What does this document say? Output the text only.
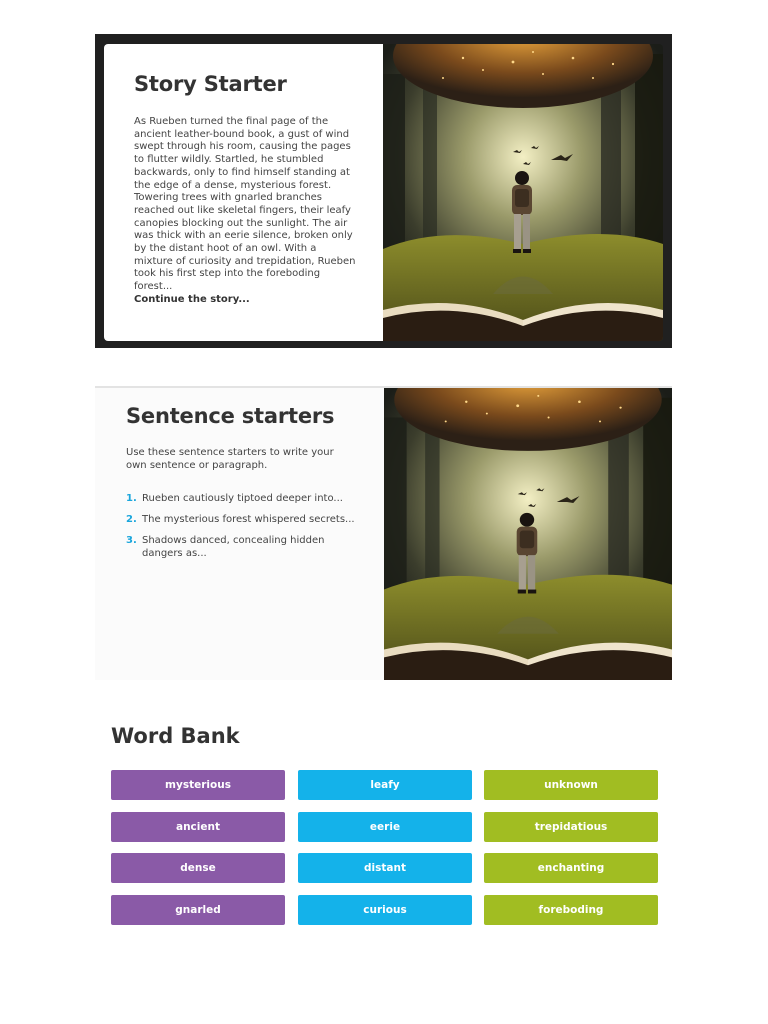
Story Starter

As Rueben turned the final page of the ancient leather-bound book, a gust of wind swept through his room, causing the pages to flutter wildly. Startled, he stumbled backwards, only to find himself standing at the edge of a dense, mysterious forest. Towering trees with gnarled branches reached out like skeletal fingers, their leafy canopies blocking out the sunlight. The air was thick with an eerie silence, broken only by the distant hoot of an owl. With a mixture of curiosity and trepidation, Rueben took his first step into the foreboding forest...

Continue the story...

Sentence starters

Use these sentence starters to write your own sentence or paragraph.

1. Rueben cautiously tiptoed deeper into...
2. The mysterious forest whispered secrets...
3. Shadows danced, concealing hidden dangers as...
Word Bank
mysterious
ancient
dense
gnarled
leafy
eerie
distant
curious
unknown
trepidatious
enchanting
foreboding
